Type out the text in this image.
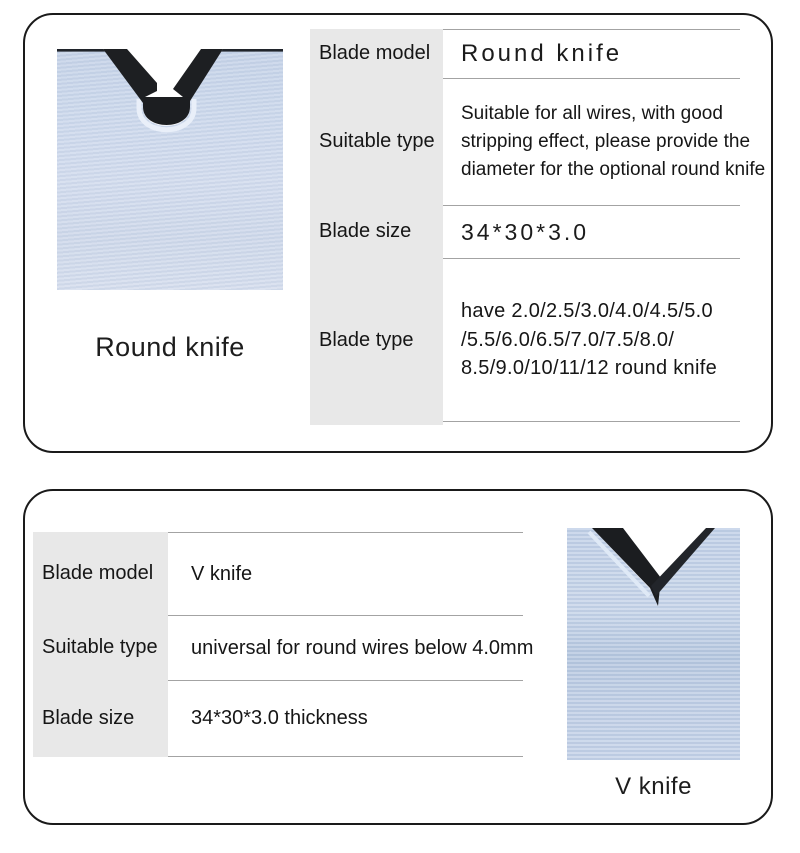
Round knife
Blade model
Suitable type
Blade size
Blade type
Round knife
Suitable for all wires, with good
stripping effect, please provide the
diameter for the optional round knife
34*30*3.0
have 2.0/2.5/3.0/4.0/4.5/5.0
/5.5/6.0/6.5/7.0/7.5/8.0/
8.5/9.0/10/11/12 round knife
Blade model
Suitable type
Blade size
V knife
universal for round wires below 4.0mm
34*30*3.0 thickness
V knife
